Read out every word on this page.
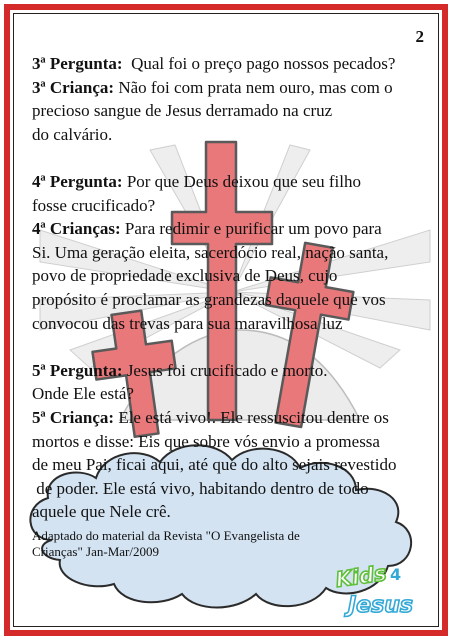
2

3ª Pergunta: Qual foi o preço pago nossos pecados?

3ª Criança: Não foi com prata nem ouro, mas com o

precioso sangue de Jesus derramado na cruz

do calvário.

4ª Pergunta: Por que Deus deixou que seu filho

fosse crucificado?

4ª Crianças: Para redimir e purificar um povo para

Si. Uma geração eleita, sacerdócio real, nação santa,

povo de propriedade exclusiva de Deus, cujo

propósito é proclamar as grandezas daquele que vos

convocou das trevas para sua maravilhosa luz

5ª Pergunta: Jesus foi crucificado e morto.

Onde Ele está?

5ª Criança: Ele está vivo!. Ele ressuscitou dentre os

mortos e disse: Eis que sobre vós envio a promessa

de meu Pai, ficai aqui, até que do alto sejais revestido

de poder. Ele está vivo, habitando dentro de todo

aquele que Nele crê.

Adaptado do material da Revista "O Evangelista de
Crianças" Jan-Mar/2009
Kids 4
Jesus
